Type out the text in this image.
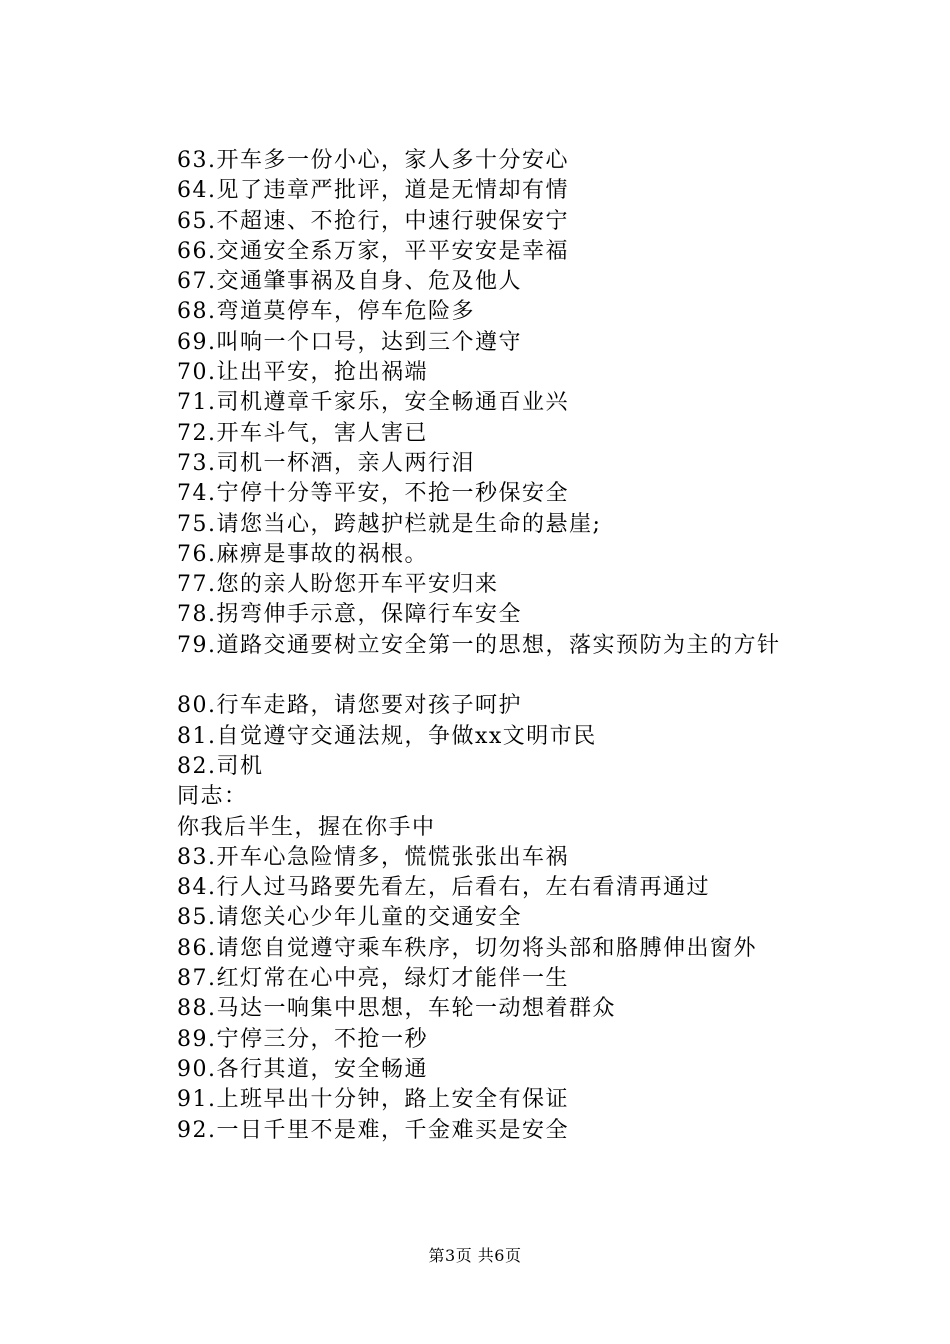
63.开车多一份小心，家人多十分安心
64.见了违章严批评，道是无情却有情
65.不超速、不抢行，中速行驶保安宁
66.交通安全系万家，平平安安是幸福
67.交通肇事祸及自身、危及他人
68.弯道莫停车，停车危险多
69.叫响一个口号，达到三个遵守
70.让出平安，抢出祸端
71.司机遵章千家乐，安全畅通百业兴
72.开车斗气，害人害已
73.司机一杯酒，亲人两行泪
74.宁停十分等平安，不抢一秒保安全
75.请您当心，跨越护栏就是生命的悬崖;
76.麻痹是事故的祸根。
77.您的亲人盼您开车平安归来
78.拐弯伸手示意，保障行车安全
79.道路交通要树立安全第一的思想，落实预防为主的方针
80.行车走路，请您要对孩子呵护
81.自觉遵守交通法规，争做xx文明市民
82.司机
同志：
你我后半生，握在你手中
83.开车心急险情多，慌慌张张出车祸
84.行人过马路要先看左，后看右，左右看清再通过
85.请您关心少年儿童的交通安全
86.请您自觉遵守乘车秩序，切勿将头部和胳膊伸出窗外
87.红灯常在心中亮，绿灯才能伴一生
88.马达一响集中思想，车轮一动想着群众
89.宁停三分，不抢一秒
90.各行其道，安全畅通
91.上班早出十分钟，路上安全有保证
92.一日千里不是难，千金难买是安全
第3页 共6页
